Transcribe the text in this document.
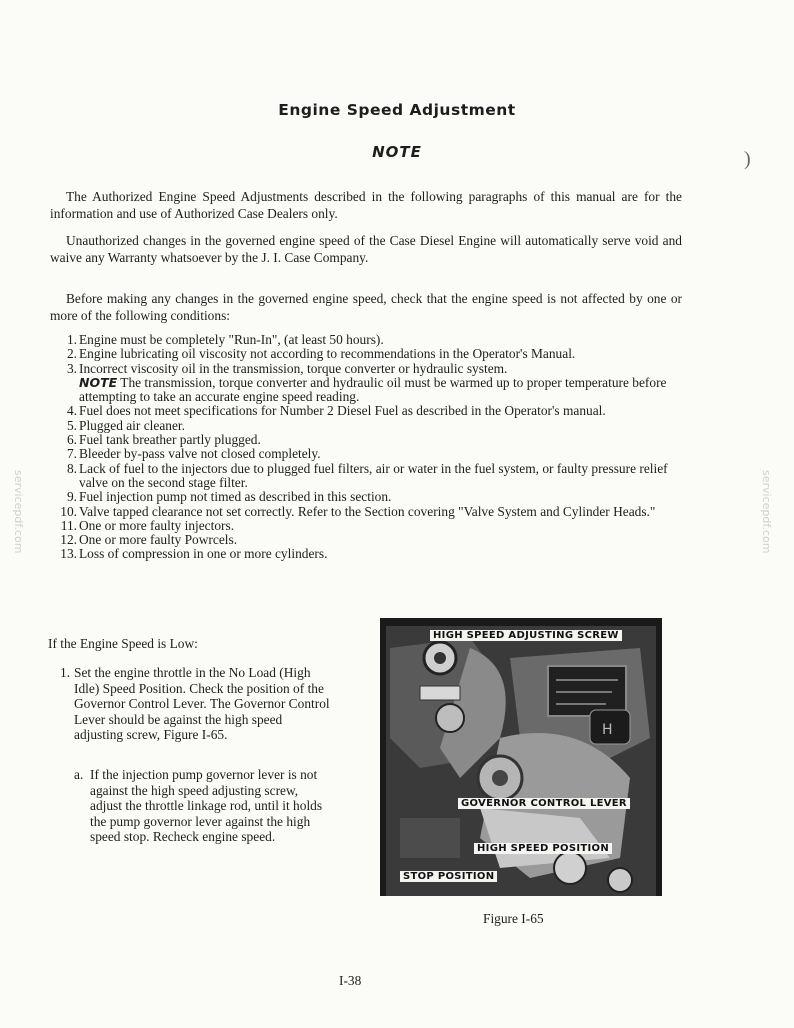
Engine Speed Adjustment
NOTE
The Authorized Engine Speed Adjustments described in the following paragraphs of this manual are for the information and use of Authorized Case Dealers only.
Unauthorized changes in the governed engine speed of the Case Diesel Engine will automatically serve void and waive any Warranty whatsoever by the J. I. Case Company.
Before making any changes in the governed engine speed, check that the engine speed is not affected by one or more of the following conditions:
1. Engine must be completely "Run-In", (at least 50 hours).
2. Engine lubricating oil viscosity not according to recommendations in the Operator's Manual.
3. Incorrect viscosity oil in the transmission, torque converter or hydraulic system.
NOTE The transmission, torque converter and hydraulic oil must be warmed up to proper temperature before attempting to take an accurate engine speed reading.
4. Fuel does not meet specifications for Number 2 Diesel Fuel as described in the Operator's manual.
5. Plugged air cleaner.
6. Fuel tank breather partly plugged.
7. Bleeder by-pass valve not closed completely.
8. Lack of fuel to the injectors due to plugged fuel filters, air or water in the fuel system, or faulty pressure relief valve on the second stage filter.
9. Fuel injection pump not timed as described in this section.
10. Valve tapped clearance not set correctly. Refer to the Section covering "Valve System and Cylinder Heads."
11. One or more faulty injectors.
12. One or more faulty Powrcels.
13. Loss of compression in one or more cylinders.
If the Engine Speed is Low:
1. Set the engine throttle in the No Load (High Idle) Speed Position. Check the position of the Governor Control Lever. The Governor Control Lever should be against the high speed adjusting screw, Figure I-65.
a. If the injection pump governor lever is not against the high speed adjusting screw, adjust the throttle linkage rod, until it holds the pump governor lever against the high speed stop. Recheck engine speed.
H
HIGH SPEED ADJUSTING SCREW
GOVERNOR CONTROL LEVER
HIGH SPEED POSITION
STOP POSITION
Figure I-65
I-38
)
servicepdf.com	servicepdf.com
